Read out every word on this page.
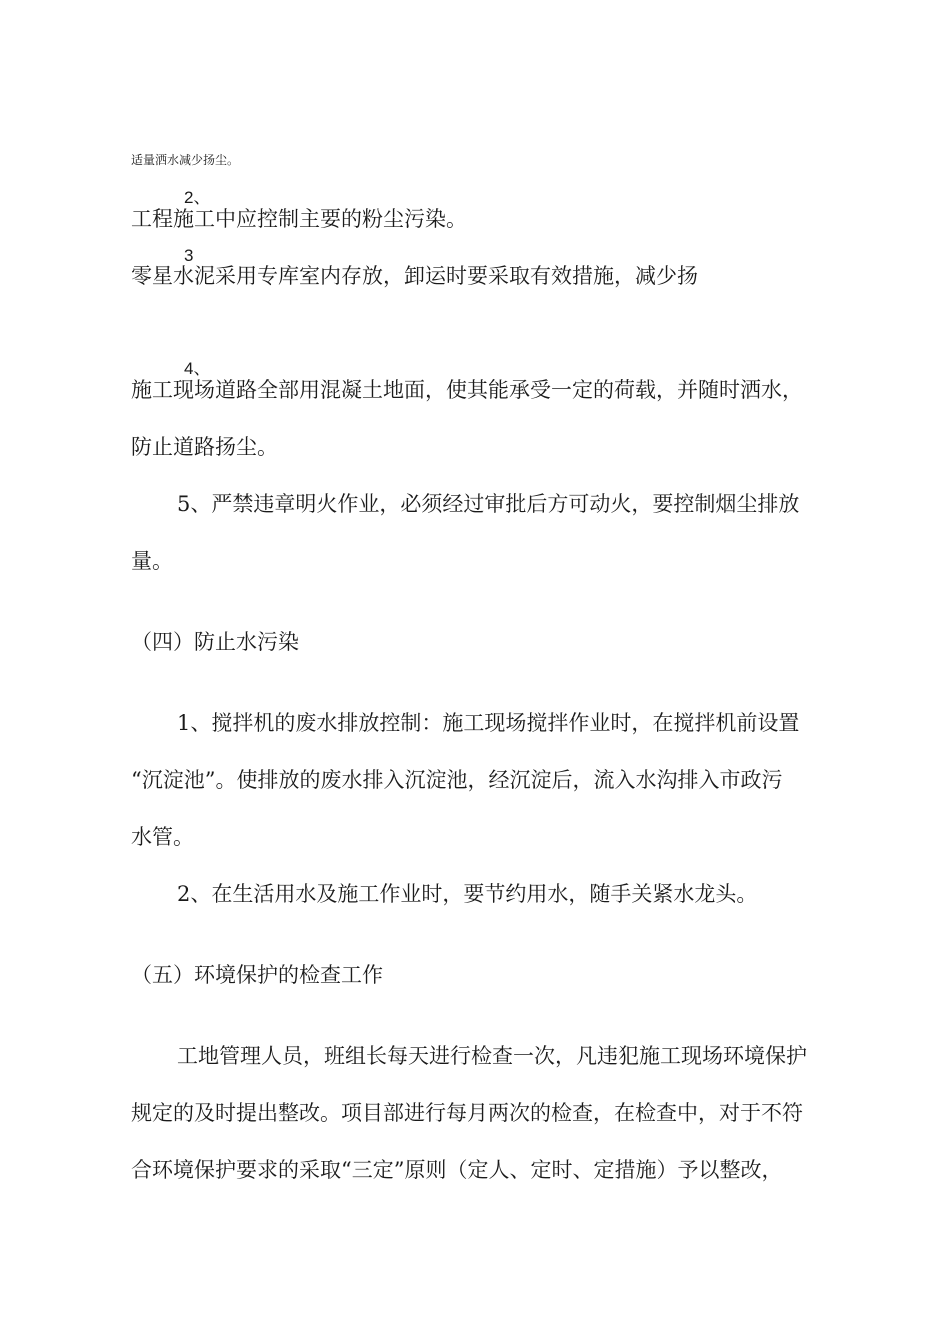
适量洒水减少扬尘。
2、
工程施工中应控制主要的粉尘污染。
3
零星水泥采用专库室内存放，卸运时要采取有效措施，减少扬
4、
施工现场道路全部用混凝土地面，使其能承受一定的荷载，并随时洒水，
防止道路扬尘。
5、严禁违章明火作业，必须经过审批后方可动火，要控制烟尘排放
量。
（四）防止水污染
1、搅拌机的废水排放控制：施工现场搅拌作业时，在搅拌机前设置
“沉淀池”。使排放的废水排入沉淀池，经沉淀后，流入水沟排入市政污
水管。
2、在生活用水及施工作业时，要节约用水，随手关紧水龙头。
（五）环境保护的检查工作
工地管理人员，班组长每天进行检查一次，凡违犯施工现场环境保护
规定的及时提出整改。项目部进行每月两次的检查，在检查中，对于不符
合环境保护要求的采取“三定”原则（定人、定时、定措施）予以整改，
